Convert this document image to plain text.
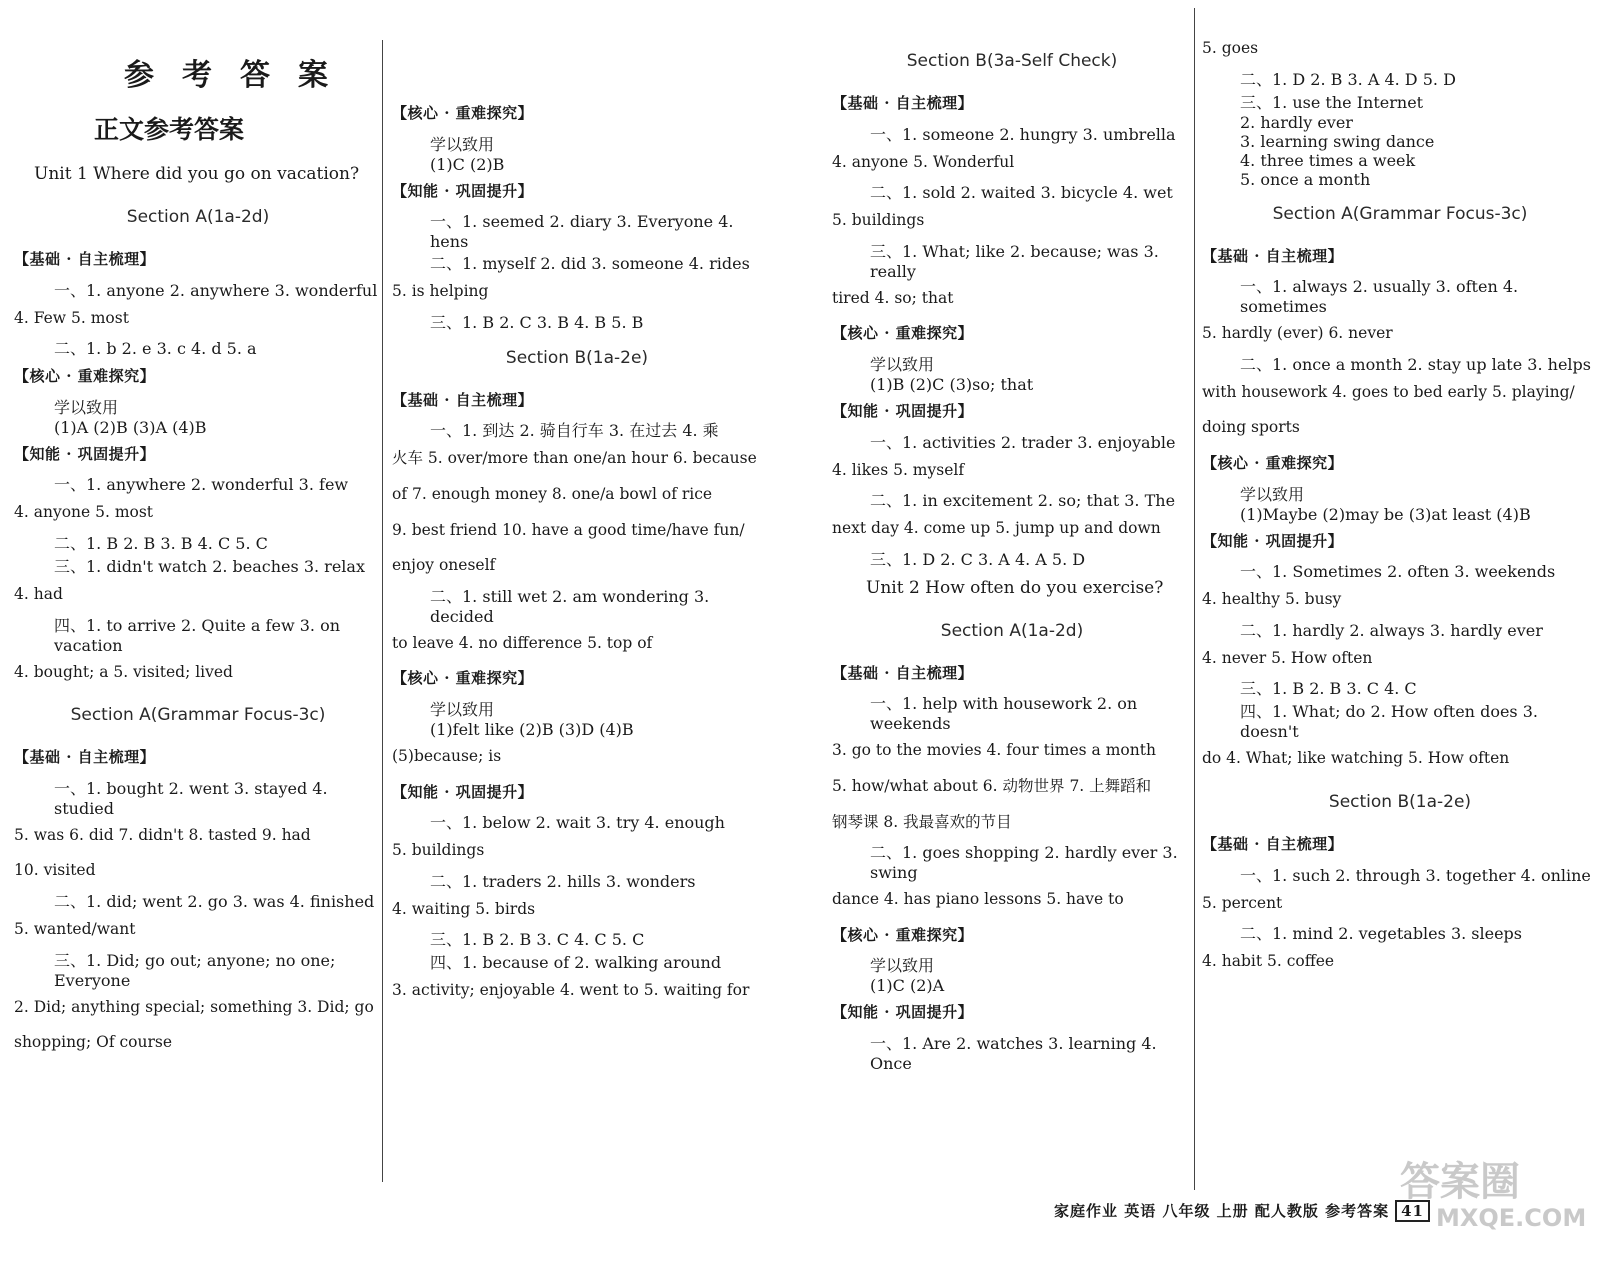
参考答案
正文参考答案
Unit 1 Where did you go on vacation?
Section A(1a-2d)
【基础 · 自主梳理】
一、1. anyone 2. anywhere 3. wonderful
4. Few 5. most
二、1. b 2. e 3. c 4. d 5. a
【核心 · 重难探究】
学以致用
(1)A (2)B (3)A (4)B
【知能 · 巩固提升】
一、1. anywhere 2. wonderful 3. few
4. anyone 5. most
二、1. B 2. B 3. B 4. C 5. C
三、1. didn't watch 2. beaches 3. relax
4. had
四、1. to arrive 2. Quite a few 3. on vacation
4. bought; a 5. visited; lived
Section A(Grammar Focus-3c)
【基础 · 自主梳理】
一、1. bought 2. went 3. stayed 4. studied
5. was 6. did 7. didn't 8. tasted 9. had
10. visited
二、1. did; went 2. go 3. was 4. finished
5. wanted/want
三、1. Did; go out; anyone; no one; Everyone
2. Did; anything special; something 3. Did; go
shopping; Of course
【核心 · 重难探究】
学以致用
(1)C (2)B
【知能 · 巩固提升】
一、1. seemed 2. diary 3. Everyone 4. hens
二、1. myself 2. did 3. someone 4. rides
5. is helping
三、1. B 2. C 3. B 4. B 5. B
Section B(1a-2e)
【基础 · 自主梳理】
一、1. 到达 2. 骑自行车 3. 在过去 4. 乘
火车 5. over/more than one/an hour 6. because
of 7. enough money 8. one/a bowl of rice
9. best friend 10. have a good time/have fun/
enjoy oneself
二、1. still wet 2. am wondering 3. decided
to leave 4. no difference 5. top of
【核心 · 重难探究】
学以致用
(1)felt like (2)B (3)D (4)B
(5)because; is
【知能 · 巩固提升】
一、1. below 2. wait 3. try 4. enough
5. buildings
二、1. traders 2. hills 3. wonders
4. waiting 5. birds
三、1. B 2. B 3. C 4. C 5. C
四、1. because of 2. walking around
3. activity; enjoyable 4. went to 5. waiting for
Section B(3a-Self Check)
【基础 · 自主梳理】
一、1. someone 2. hungry 3. umbrella
4. anyone 5. Wonderful
二、1. sold 2. waited 3. bicycle 4. wet
5. buildings
三、1. What; like 2. because; was 3. really
tired 4. so; that
【核心 · 重难探究】
学以致用
(1)B (2)C (3)so; that
【知能 · 巩固提升】
一、1. activities 2. trader 3. enjoyable
4. likes 5. myself
二、1. in excitement 2. so; that 3. The
next day 4. come up 5. jump up and down
三、1. D 2. C 3. A 4. A 5. D
Unit 2 How often do you exercise?
Section A(1a-2d)
【基础 · 自主梳理】
一、1. help with housework 2. on weekends
3. go to the movies 4. four times a month
5. how/what about 6. 动物世界 7. 上舞蹈和
钢琴课 8. 我最喜欢的节目
二、1. goes shopping 2. hardly ever 3. swing
dance 4. has piano lessons 5. have to
【核心 · 重难探究】
学以致用
(1)C (2)A
【知能 · 巩固提升】
一、1. Are 2. watches 3. learning 4. Once
5. goes
二、1. D 2. B 3. A 4. D 5. D
三、1. use the Internet
2. hardly ever
3. learning swing dance
4. three times a week
5. once a month
Section A(Grammar Focus-3c)
【基础 · 自主梳理】
一、1. always 2. usually 3. often 4. sometimes
5. hardly (ever) 6. never
二、1. once a month 2. stay up late 3. helps
with housework 4. goes to bed early 5. playing/
doing sports
【核心 · 重难探究】
学以致用
(1)Maybe (2)may be (3)at least (4)B
【知能 · 巩固提升】
一、1. Sometimes 2. often 3. weekends
4. healthy 5. busy
二、1. hardly 2. always 3. hardly ever
4. never 5. How often
三、1. B 2. B 3. C 4. C
四、1. What; do 2. How often does 3. doesn't
do 4. What; like watching 5. How often
Section B(1a-2e)
【基础 · 自主梳理】
一、1. such 2. through 3. together 4. online
5. percent
二、1. mind 2. vegetables 3. sleeps
4. habit 5. coffee
家庭作业 英语 八年级 上册 配人教版 参考答案 41
答案圈
MXQE.COM
